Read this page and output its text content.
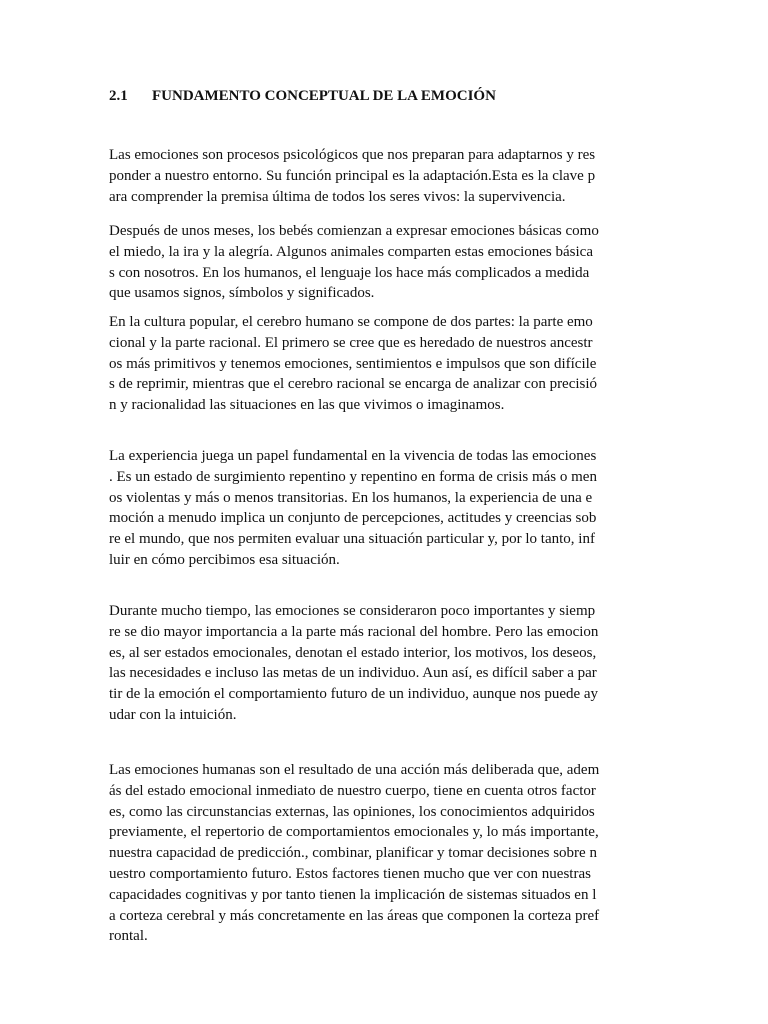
2.1 FUNDAMENTO CONCEPTUAL DE LA EMOCIÓN
Las emociones son procesos psicológicos que nos preparan para adaptarnos y res
ponder a nuestro entorno. Su función principal es la adaptación.Esta es la clave p
ara comprender la premisa última de todos los seres vivos: la supervivencia.
Después de unos meses, los bebés comienzan a expresar emociones básicas como
el miedo, la ira y la alegría. Algunos animales comparten estas emociones básica
s con nosotros. En los humanos, el lenguaje los hace más complicados a medida
que usamos signos, símbolos y significados.
En la cultura popular, el cerebro humano se compone de dos partes: la parte emo
cional y la parte racional. El primero se cree que es heredado de nuestros ancestr
os más primitivos y tenemos emociones, sentimientos e impulsos que son difícile
s de reprimir, mientras que el cerebro racional se encarga de analizar con precisió
n y racionalidad las situaciones en las que vivimos o imaginamos.
La experiencia juega un papel fundamental en la vivencia de todas las emociones
. Es un estado de surgimiento repentino y repentino en forma de crisis más o men
os violentas y más o menos transitorias. En los humanos, la experiencia de una e
moción a menudo implica un conjunto de percepciones, actitudes y creencias sob
re el mundo, que nos permiten evaluar una situación particular y, por lo tanto, inf
luir en cómo percibimos esa situación.
Durante mucho tiempo, las emociones se consideraron poco importantes y siemp
re se dio mayor importancia a la parte más racional del hombre. Pero las emocion
es, al ser estados emocionales, denotan el estado interior, los motivos, los deseos,
las necesidades e incluso las metas de un individuo. Aun así, es difícil saber a par
tir de la emoción el comportamiento futuro de un individuo, aunque nos puede ay
udar con la intuición.
Las emociones humanas son el resultado de una acción más deliberada que, adem
ás del estado emocional inmediato de nuestro cuerpo, tiene en cuenta otros factor
es, como las circunstancias externas, las opiniones, los conocimientos adquiridos
previamente, el repertorio de comportamientos emocionales y, lo más importante,
nuestra capacidad de predicción., combinar, planificar y tomar decisiones sobre n
uestro comportamiento futuro. Estos factores tienen mucho que ver con nuestras
capacidades cognitivas y por tanto tienen la implicación de sistemas situados en l
a corteza cerebral y más concretamente en las áreas que componen la corteza pref
rontal.
